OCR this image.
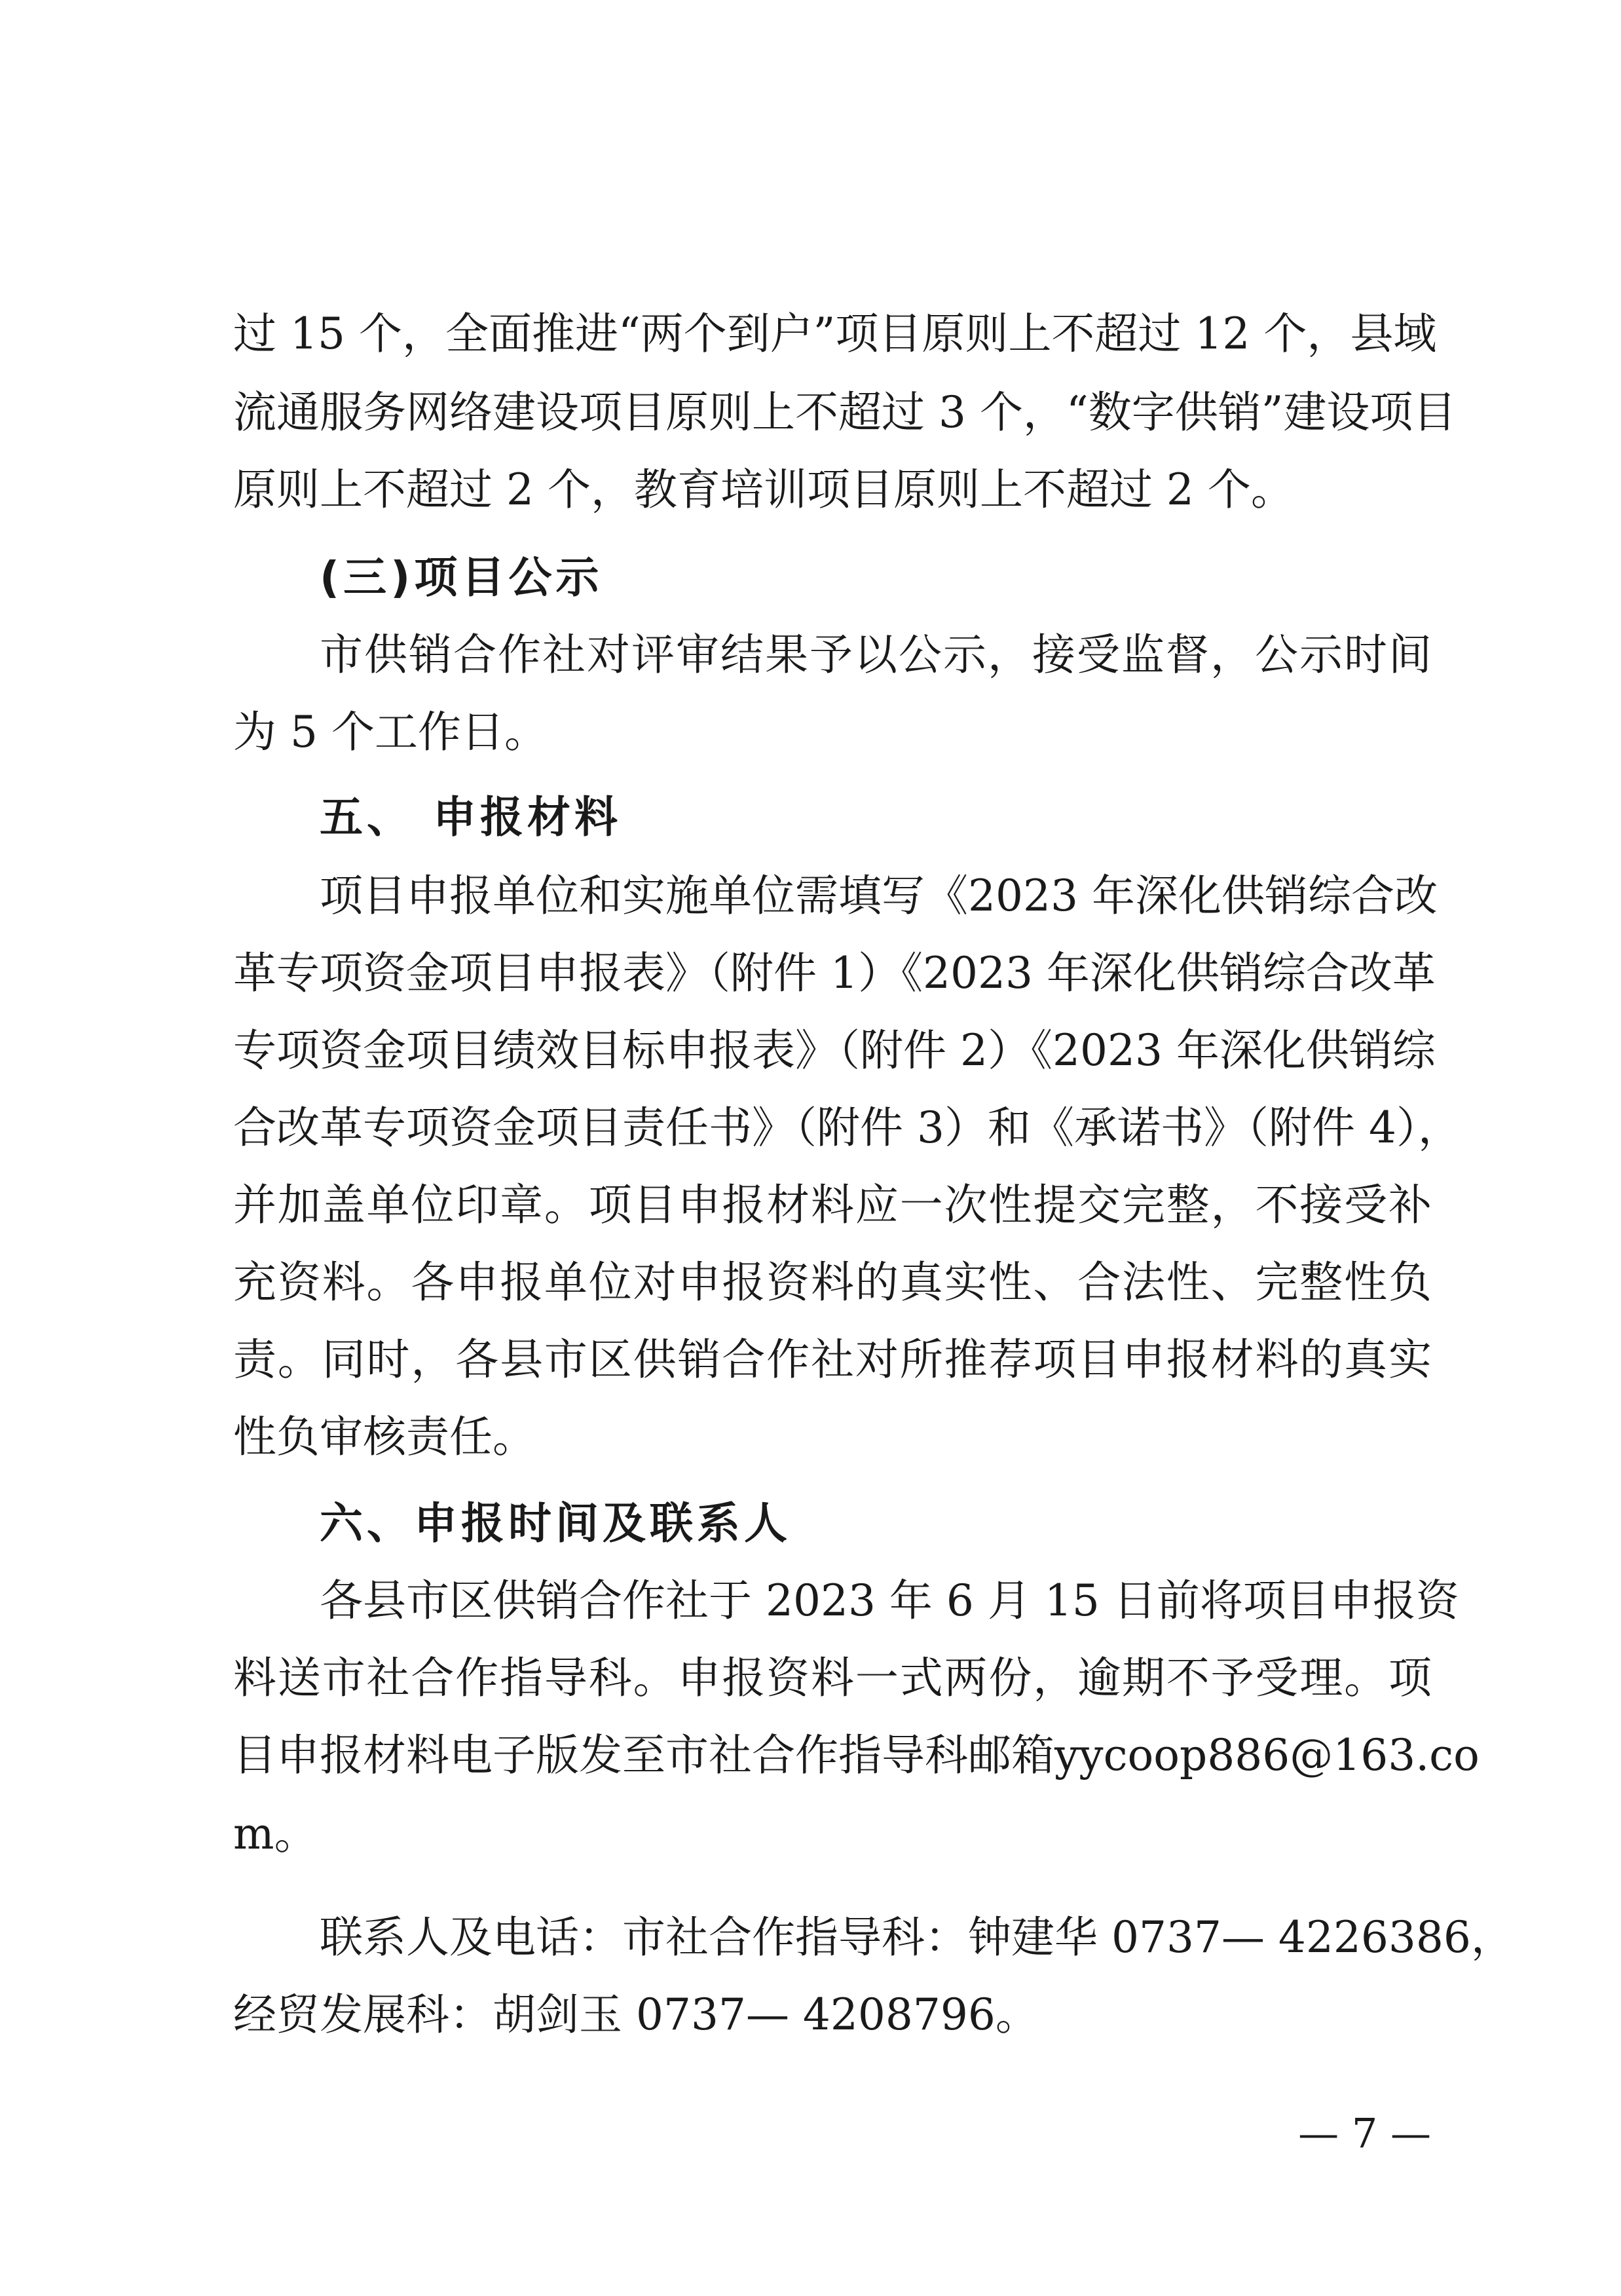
过 15 个，全面推进“两个到户”项目原则上不超过 12 个，县域
流通服务网络建设项目原则上不超过 3 个，“数字供销”建设项目
原则上不超过 2 个，教育培训项目原则上不超过 2 个。
(三)项目公示
市供销合作社对评审结果予以公示，接受监督，公示时间
为 5 个工作日。
五、 申报材料
项目申报单位和实施单位需填写《2023 年深化供销综合改
革专项资金项目申报表》（附件 1）《2023 年深化供销综合改革
专项资金项目绩效目标申报表》（附件 2）《2023 年深化供销综
合改革专项资金项目责任书》（附件 3）和《承诺书》（附件 4），
并加盖单位印章。项目申报材料应一次性提交完整，不接受补
充资料。各申报单位对申报资料的真实性、合法性、完整性负
责。同时，各县市区供销合作社对所推荐项目申报材料的真实
性负审核责任。
六、申报时间及联系人
各县市区供销合作社于 2023 年 6 月 15 日前将项目申报资
料送市社合作指导科。申报资料一式两份，逾期不予受理。项
目申报材料电子版发至市社合作指导科邮箱yycoop886@163.co
m。
联系人及电话：市社合作指导科：钟建华 0737— 4226386，
经贸发展科：胡剑玉 0737— 4208796。
— 7 —
